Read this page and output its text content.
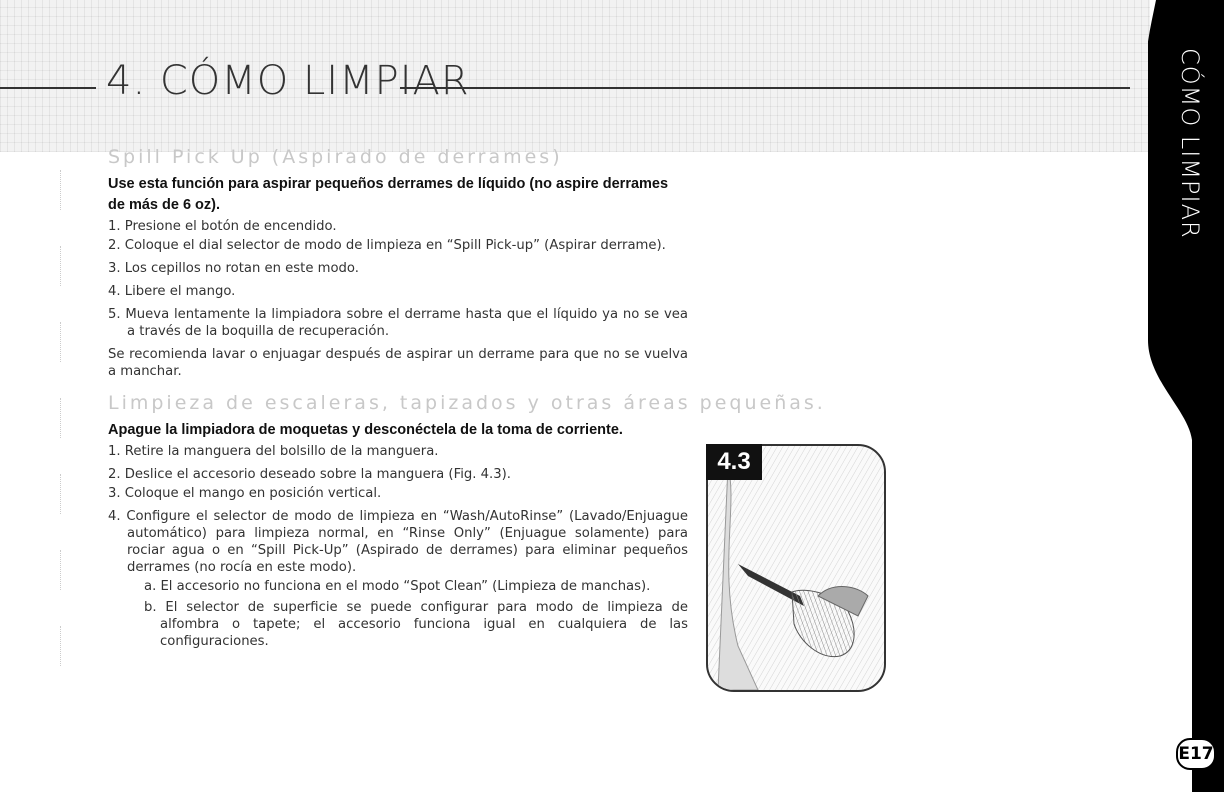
4. CÓMO LIMPIAR	CÓMO LIMPIAR
E17
Spill Pick Up (Aspirado de derrames)
Use esta función para aspirar pequeños derrames de líquido (no aspire derrames de más de 6 oz).
1. Presione el botón de encendido.
2. Coloque el dial selector de modo de limpieza en “Spill Pick-up” (Aspirar derrame).
3. Los cepillos no rotan en este modo.
4. Libere el mango.
5. Mueva lentamente la limpiadora sobre el derrame hasta que el líquido ya no se vea a través de la boquilla de recuperación.
Se recomienda lavar o enjuagar después de aspirar un derrame para que no se vuelva a manchar.
Limpieza de escaleras, tapizados y otras áreas pequeñas.
Apague la limpiadora de moquetas y desconéctela de la toma de corriente.
1. Retire la manguera del bolsillo de la manguera.
2. Deslice el accesorio deseado sobre la manguera (Fig. 4.3).
3. Coloque el mango en posición vertical.
4. Configure el selector de modo de limpieza en “Wash/AutoRinse” (Lavado/Enjuague automático) para limpieza normal, en “Rinse Only” (Enjuague solamente) para rociar agua o en “Spill Pick-Up” (Aspirado de derrames) para eliminar pequeños derrames (no rocía en este modo).
a. El accesorio no funciona en el modo “Spot Clean” (Limpieza de manchas).
b. El selector de superficie se puede configurar para modo de limpieza de alfombra o tapete; el accesorio funciona igual en cualquiera de las configuraciones.
4.3
